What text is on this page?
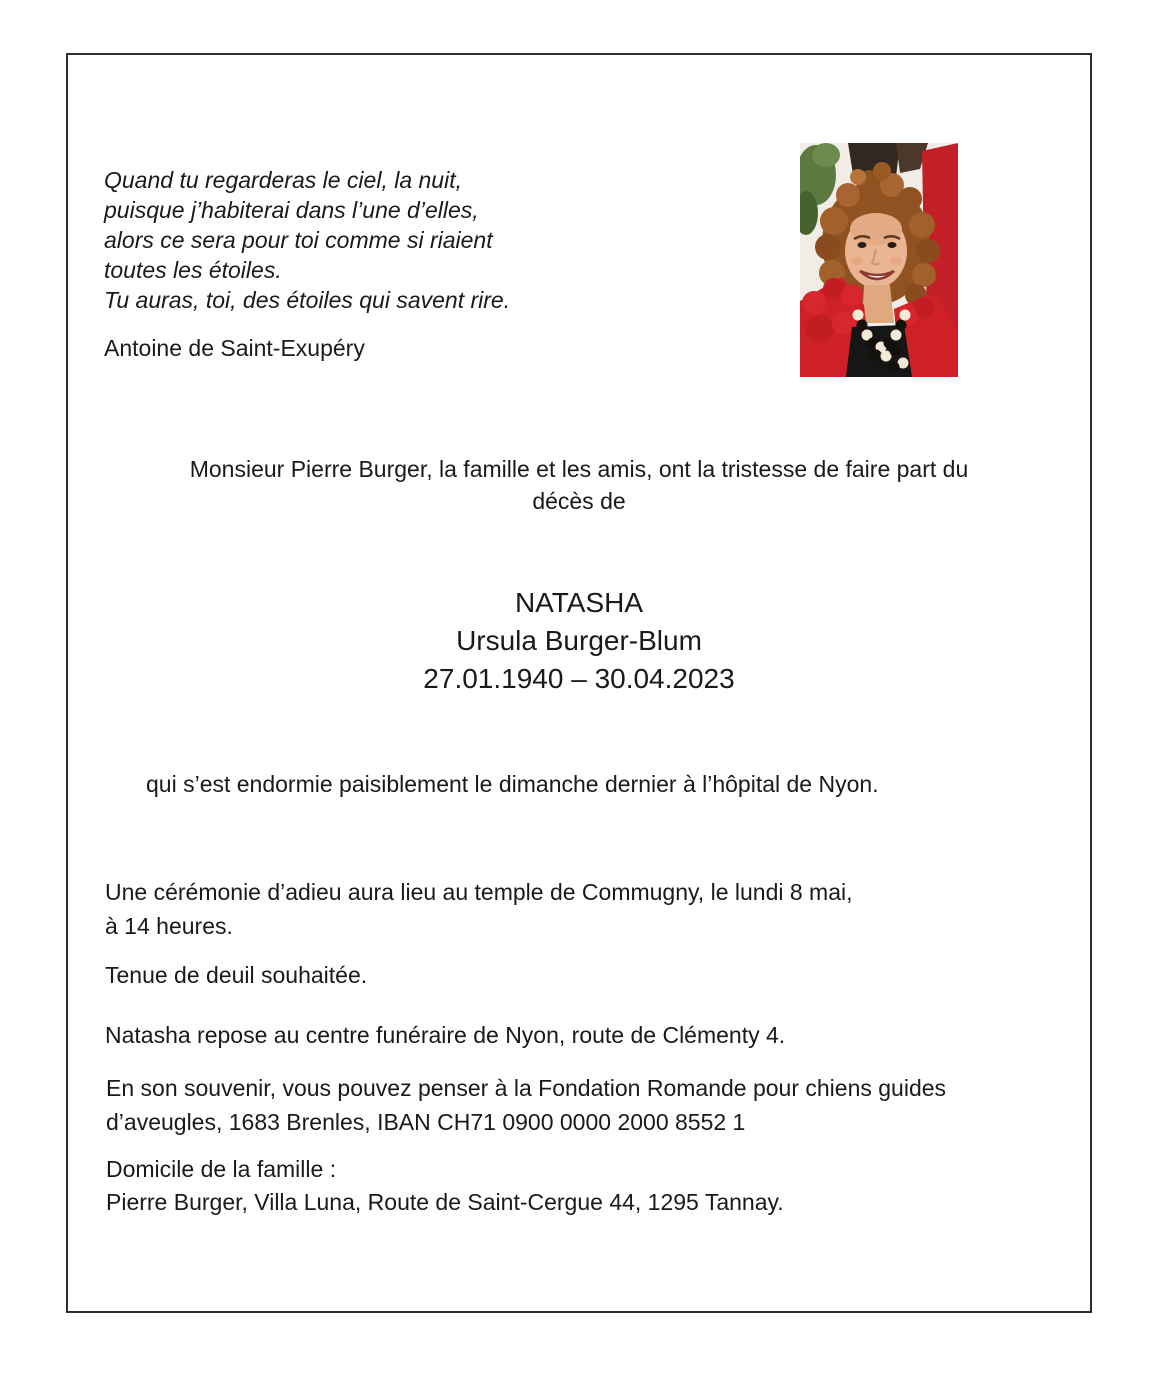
Quand tu regarderas le ciel, la nuit,
puisque j’habiterai dans l’une d’elles,
alors ce sera pour toi comme si riaient
toutes les étoiles.
Tu auras, toi, des étoiles qui savent rire.
Antoine de Saint-Exupéry
Monsieur Pierre Burger, la famille et les amis, ont la tristesse de faire part du
décès de
NATASHA
Ursula Burger-Blum
27.01.1940 – 30.04.2023
qui s’est endormie paisiblement le dimanche dernier à l’hôpital de Nyon.
Une cérémonie d’adieu aura lieu au temple de Commugny, le lundi 8 mai,
à 14 heures.
Tenue de deuil souhaitée.
Natasha repose au centre funéraire de Nyon, route de Clémenty 4.
En son souvenir, vous pouvez penser à la Fondation Romande pour chiens guides
d’aveugles, 1683 Brenles, IBAN CH71 0900 0000 2000 8552 1
Domicile de la famille :
Pierre Burger, Villa Luna, Route de Saint-Cergue 44, 1295 Tannay.
